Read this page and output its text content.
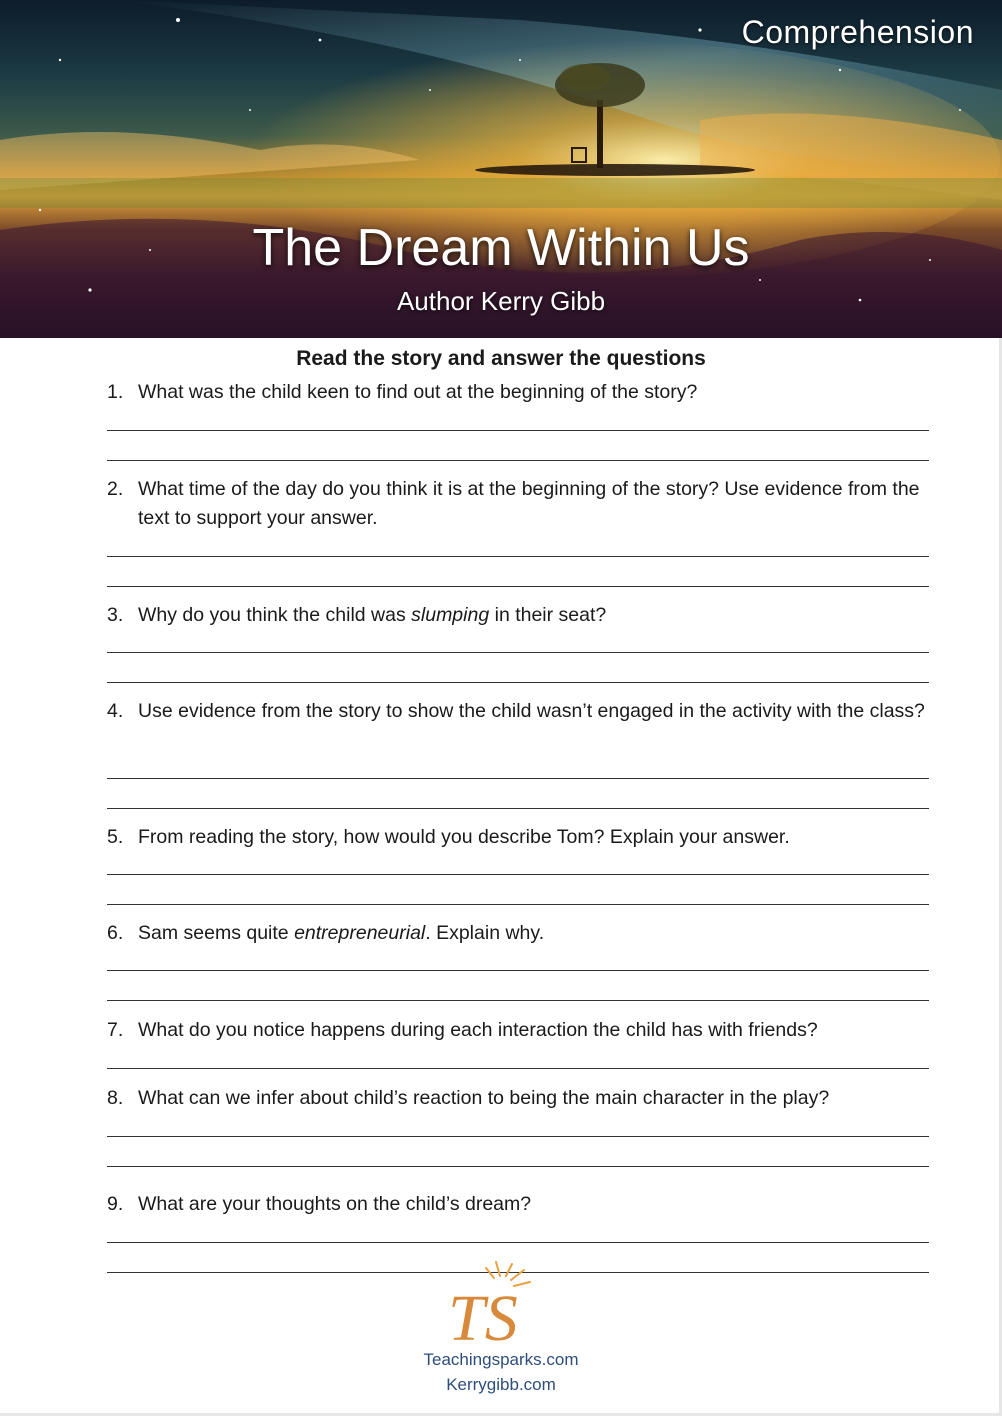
Comprehension
The Dream Within Us
Author Kerry Gibb
Read the story and answer the questions
1. What was the child keen to find out at the beginning of the story?
2. What time of the day do you think it is at the beginning of the story? Use evidence from the text to support your answer.
3. Why do you think the child was slumping in their seat?
4. Use evidence from the story to show the child wasn’t engaged in the activity with the class?
5. From reading the story, how would you describe Tom? Explain your answer.
6. Sam seems quite entrepreneurial. Explain why.
7. What do you notice happens during each interaction the child has with friends?
8. What can we infer about child’s reaction to being the main character in the play?
9. What are your thoughts on the child’s dream?
TS
Teachingsparks.com
Kerrygibb.com
